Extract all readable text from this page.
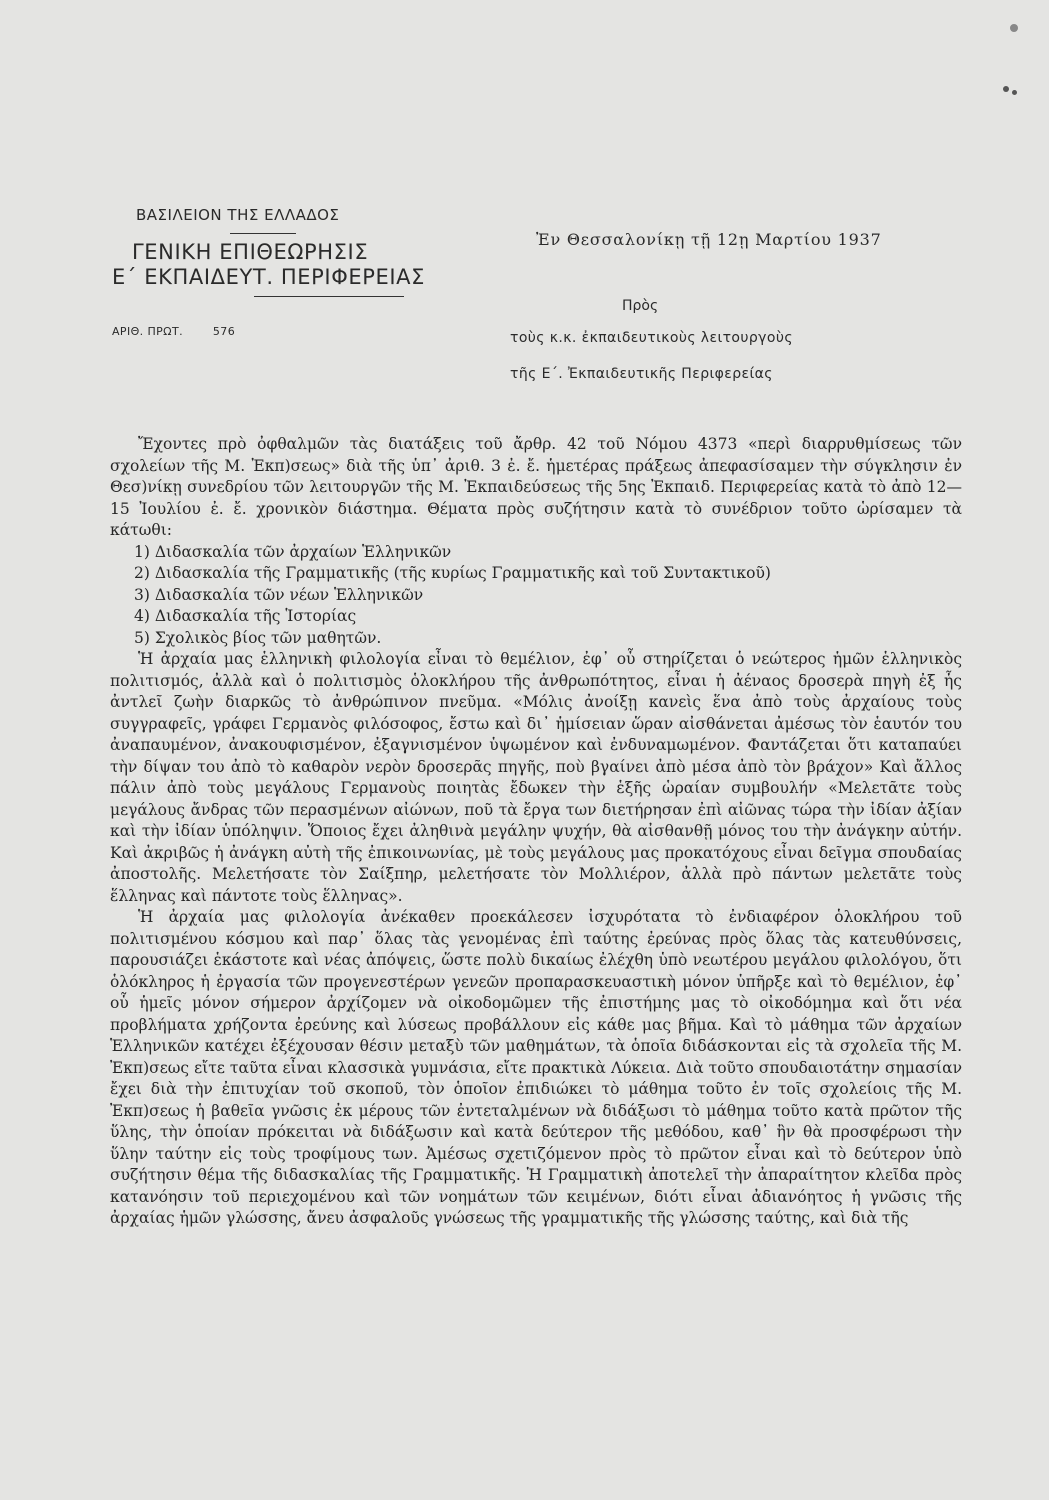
ΒΑΣΙΛΕΙΟΝ ΤΗΣ ΕΛΛΑΔΟΣ
ΓΕΝΙΚΗ ΕΠΙΘΕΩΡΗΣΙΣ
Ε΄ ΕΚΠΑΙΔΕΥΤ. ΠΕΡΙΦΕΡΕΙΑΣ
ΑΡΙΘ. ΠΡΩΤ.	576
Ἐν Θεσσαλονίκῃ τῇ 12ῃ Μαρτίου 1937
Πρὸς
τοὺς κ.κ. ἐκπαιδευτικοὺς λειτουργοὺς
τῆς Ε΄. Ἐκπαιδευτικῆς Περιφερείας

Ἔχοντες πρὸ ὀφθαλμῶν τὰς διατάξεις τοῦ ἄρθρ. 42 τοῦ Νόμου 4373 «περὶ διαρρυθμίσεως τῶν σχολείων τῆς Μ. Ἐκπ)σεως» διὰ τῆς ὑπ᾽ ἀριθ. 3 ἐ. ἔ. ἡμετέρας πράξεως ἀπεφασίσαμεν τὴν σύγκλησιν ἐν Θεσ)νίκῃ συνεδρίου τῶν λειτουργῶν τῆς Μ. Ἐκπαιδεύσεως τῆς 5ης Ἐκπαιδ. Περιφερείας κατὰ τὸ ἀπὸ 12—15 Ἰουλίου ἐ. ἔ. χρονικὸν διάστημα. Θέματα πρὸς συζήτησιν κατὰ τὸ συνέδριον τοῦτο ὡρίσαμεν τὰ κάτωθι:

1) Διδασκαλία τῶν ἀρχαίων Ἑλληνικῶν
2) Διδασκαλία τῆς Γραμματικῆς (τῆς κυρίως Γραμματικῆς καὶ τοῦ Συντακτικοῦ)
3) Διδασκαλία τῶν νέων Ἑλληνικῶν
4) Διδασκαλία τῆς Ἱστορίας
5) Σχολικὸς βίος τῶν μαθητῶν.

Ἡ ἀρχαία μας ἑλληνικὴ φιλολογία εἶναι τὸ θεμέλιον, ἐφ᾽ οὗ στηρίζεται ὁ νεώτερος ἡμῶν ἑλληνικὸς πολιτισμός, ἀλλὰ καὶ ὁ πολιτισμὸς ὁλοκλήρου τῆς ἀνθρωπότητος, εἶναι ἡ ἀέναος δροσερὰ πηγὴ ἐξ ἧς ἀντλεῖ ζωὴν διαρκῶς τὸ ἀνθρώπινον πνεῦμα. «Μόλις ἀνοίξῃ κανεὶς ἕνα ἀπὸ τοὺς ἀρχαίους τοὺς συγγραφεῖς, γράφει Γερμανὸς φιλόσοφος, ἔστω καὶ δι᾽ ἡμίσειαν ὥραν αἰσθάνεται ἀμέσως τὸν ἑαυτόν του ἀναπαυμένον, ἀνακουφισμένον, ἐξαγνισμένον ὑψωμένον καὶ ἐνδυναμωμένον. Φαντάζεται ὅτι καταπαύει τὴν δίψαν του ἀπὸ τὸ καθαρὸν νερὸν δροσερᾶς πηγῆς, ποὺ βγαίνει ἀπὸ μέσα ἀπὸ τὸν βράχον» Καὶ ἄλλος πάλιν ἀπὸ τοὺς μεγάλους Γερμανοὺς ποιητὰς ἔδωκεν τὴν ἑξῆς ὡραίαν συμβουλήν «Μελετᾶτε τοὺς μεγάλους ἄνδρας τῶν περασμένων αἰώνων, ποῦ τὰ ἔργα των διετήρησαν ἐπὶ αἰῶνας τώρα τὴν ἰδίαν ἀξίαν καὶ τὴν ἰδίαν ὑπόληψιν. Ὅποιος ἔχει ἀληθινὰ μεγάλην ψυχήν, θὰ αἰσθανθῇ μόνος του τὴν ἀνάγκην αὐτήν. Καὶ ἀκριβῶς ἡ ἀνάγκη αὐτὴ τῆς ἐπικοινωνίας, μὲ τοὺς μεγάλους μας προκατόχους εἶναι δεῖγμα σπουδαίας ἀποστολῆς. Μελετήσατε τὸν Σαίξπηρ, μελετήσατε τὸν Μολλιέρον, ἀλλὰ πρὸ πάντων μελετᾶτε τοὺς ἕλληνας καὶ πάντοτε τοὺς ἕλληνας».

Ἡ ἀρχαία μας φιλολογία ἀνέκαθεν προεκάλεσεν ἰσχυρότατα τὸ ἐνδιαφέρον ὁλοκλήρου τοῦ πολιτισμένου κόσμου καὶ παρ᾽ ὅλας τὰς γενομένας ἐπὶ ταύτης ἐρεύνας πρὸς ὅλας τὰς κατευθύνσεις, παρουσιάζει ἑκάστοτε καὶ νέας ἀπόψεις, ὥστε πολὺ δικαίως ἐλέχθη ὑπὸ νεωτέρου μεγάλου φιλολόγου, ὅτι ὁλόκληρος ἡ ἐργασία τῶν προγενεστέρων γενεῶν προπαρασκευαστικὴ μόνον ὑπῆρξε καὶ τὸ θεμέλιον, ἐφ᾽ οὗ ἡμεῖς μόνον σήμερον ἀρχίζομεν νὰ οἰκοδομῶμεν τῆς ἐπιστήμης μας τὸ οἰκοδόμημα καὶ ὅτι νέα προβλήματα χρήζοντα ἐρεύνης καὶ λύσεως προβάλλουν εἰς κάθε μας βῆμα. Καὶ τὸ μάθημα τῶν ἀρχαίων Ἑλληνικῶν κατέχει ἐξέχουσαν θέσιν μεταξὺ τῶν μαθημάτων, τὰ ὁποῖα διδάσκονται εἰς τὰ σχολεῖα τῆς Μ. Ἐκπ)σεως εἴτε ταῦτα εἶναι κλασσικὰ γυμνάσια, εἴτε πρακτικὰ Λύκεια. Διὰ τοῦτο σπουδαιοτάτην σημασίαν ἔχει διὰ τὴν ἐπιτυχίαν τοῦ σκοποῦ, τὸν ὁποῖον ἐπιδιώκει τὸ μάθημα τοῦτο ἐν τοῖς σχολείοις τῆς Μ. Ἐκπ)σεως ἡ βαθεῖα γνῶσις ἐκ μέρους τῶν ἐντεταλμένων νὰ διδάξωσι τὸ μάθημα τοῦτο κατὰ πρῶτον τῆς ὕλης, τὴν ὁποίαν πρόκειται νὰ διδάξωσιν καὶ κατὰ δεύτερον τῆς μεθόδου, καθ᾽ ἣν θὰ προσφέρωσι τὴν ὕλην ταύτην εἰς τοὺς τροφίμους των. Ἀμέσως σχετιζόμενον πρὸς τὸ πρῶτον εἶναι καὶ τὸ δεύτερον ὑπὸ συζήτησιν θέμα τῆς διδασκαλίας τῆς Γραμματικῆς. Ἡ Γραμματικὴ ἀποτελεῖ τὴν ἀπαραίτητον κλεῖδα πρὸς κατανόησιν τοῦ περιεχομένου καὶ τῶν νοημάτων τῶν κειμένων, διότι εἶναι ἀδιανόητος ἡ γνῶσις τῆς ἀρχαίας ἡμῶν γλώσσης, ἄνευ ἀσφαλοῦς γνώσεως τῆς γραμματικῆς τῆς γλώσσης ταύτης, καὶ διὰ τῆς
